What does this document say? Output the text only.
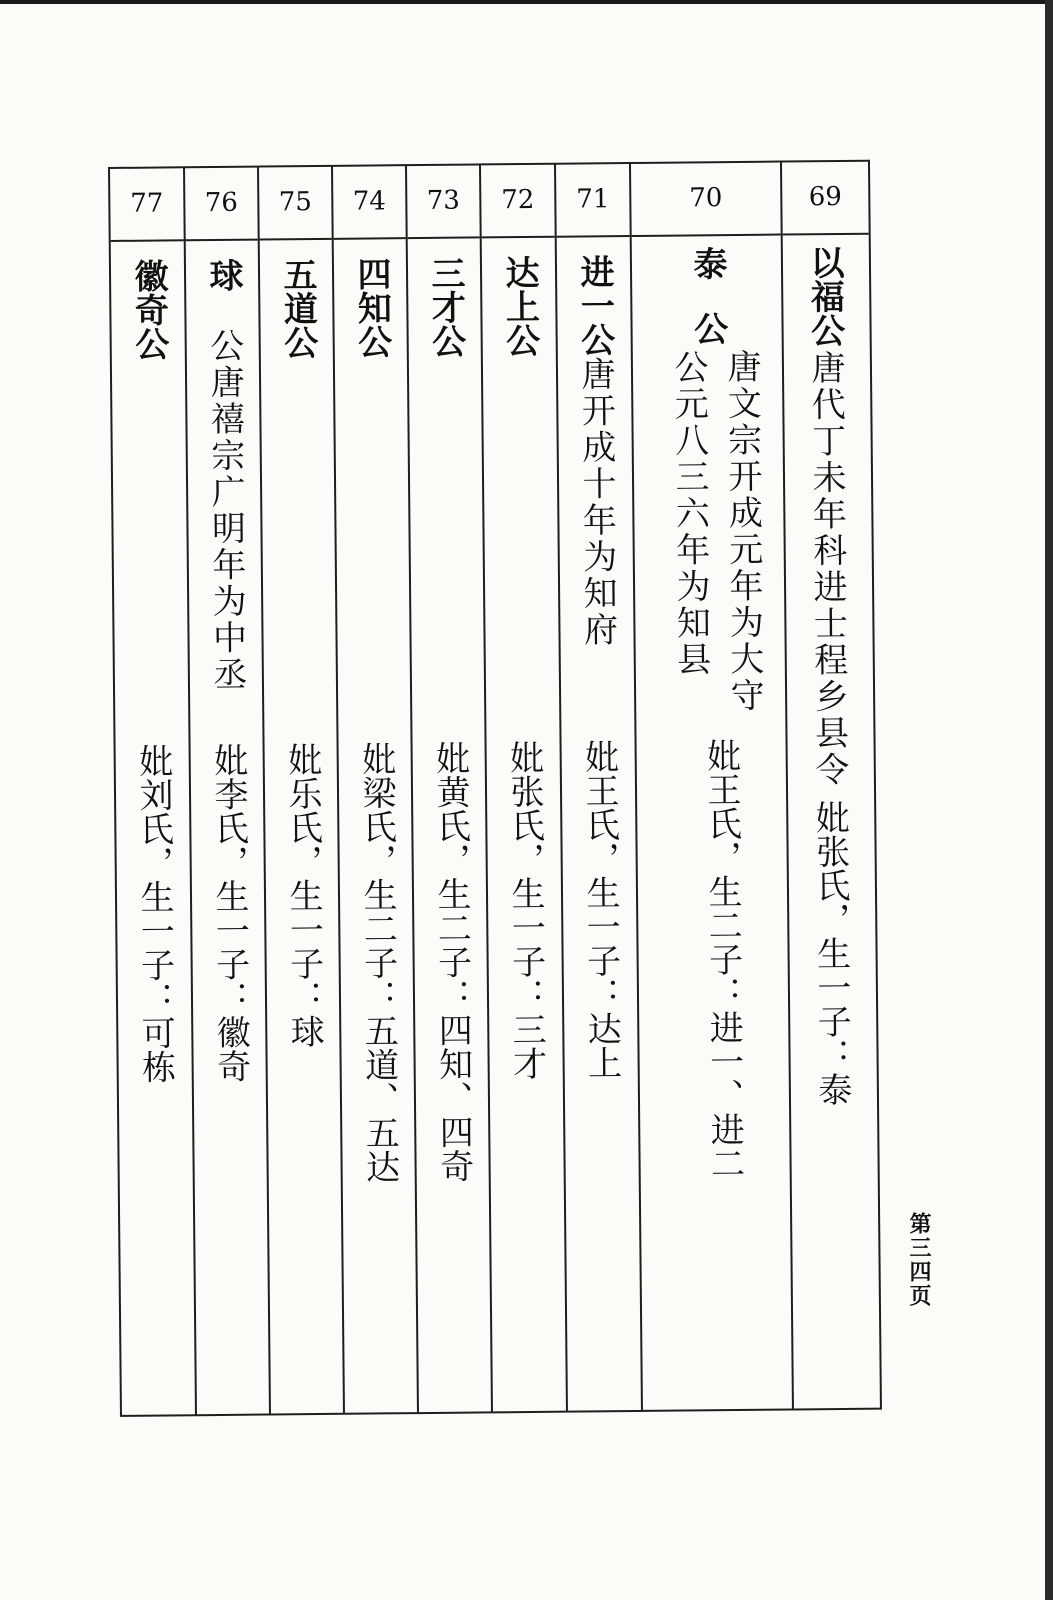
77
徽奇公
妣刘氏，生一子：可栋
76
球
公唐禧宗广明年为中丞
妣李氏，生一子：徽奇
75
五道公
妣乐氏，生一子：球
74
四知公
妣梁氏，生二子：五道、五达
73
三才公
妣黄氏，生二子：四知、四奇
72
达上公
妣张氏，生一子：三才
71
进一公
唐开成十年为知府
妣王氏，生一子：达上
70
泰
公
唐文宗开成元年为大守
公元八三六年为知县
妣王氏，生二子：进一、进二
69
以福公
唐代丁未年科进士程乡县令
妣张氏，生一子：泰
第三四页
